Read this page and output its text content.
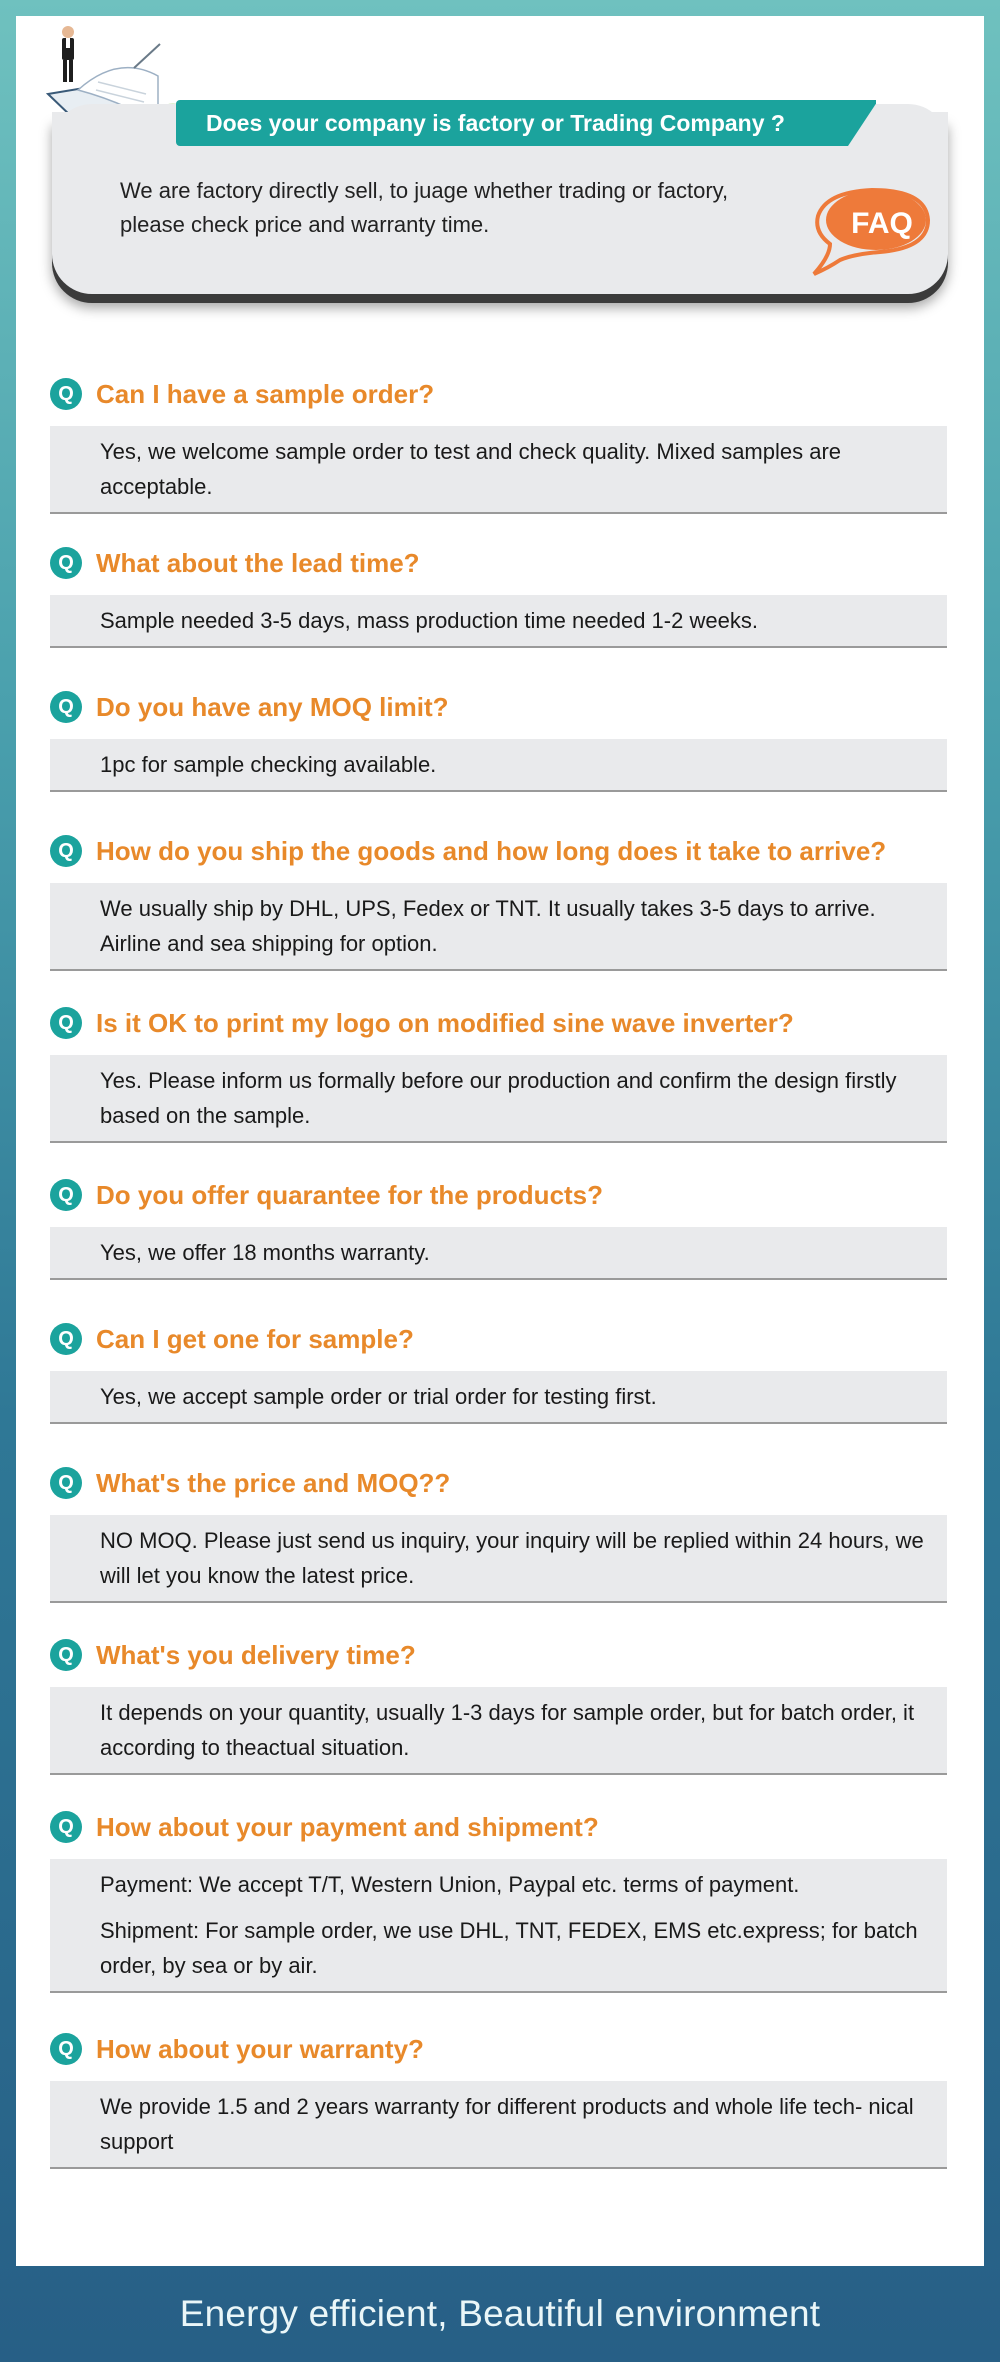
Does your company is factory or Trading Company ?
We are factory directly sell, to juage whether trading or factory,
please check price and warranty time.	FAQ
Q Can I have a sample order?

Yes, we welcome sample order to test and check quality. Mixed samples are acceptable.

Q What about the lead time?

Sample needed 3-5 days, mass production time needed 1-2 weeks.

Q Do you have any MOQ limit?

1pc for sample checking available.

Q How do you ship the goods and how long does it take to arrive?

We usually ship by DHL, UPS, Fedex or TNT. It usually takes 3-5 days to arrive. Airline and sea shipping for option.

Q Is it OK to print my logo on modified sine wave inverter?

Yes. Please inform us formally before our production and confirm the design firstly based on the sample.

Q Do you offer quarantee for the products?

Yes, we offer 18 months warranty.

Q Can I get one for sample?

Yes, we accept sample order or trial order for testing first.

Q What's the price and MOQ??

NO MOQ. Please just send us inquiry, your inquiry will be replied within 24 hours, we will let you know the latest price.

Q What's you delivery time?

It depends on your quantity, usually 1-3 days for sample order, but for batch order, it according to theactual situation.

Q How about your payment and shipment?

Payment: We accept T/T, Western Union, Paypal etc. terms of payment.

Shipment: For sample order, we use DHL, TNT, FEDEX, EMS etc.express; for batch order, by sea or by air.

Q How about your warranty?

We provide 1.5 and 2 years warranty for different products and whole life tech- nical support

Energy efficient, Beautiful environment
